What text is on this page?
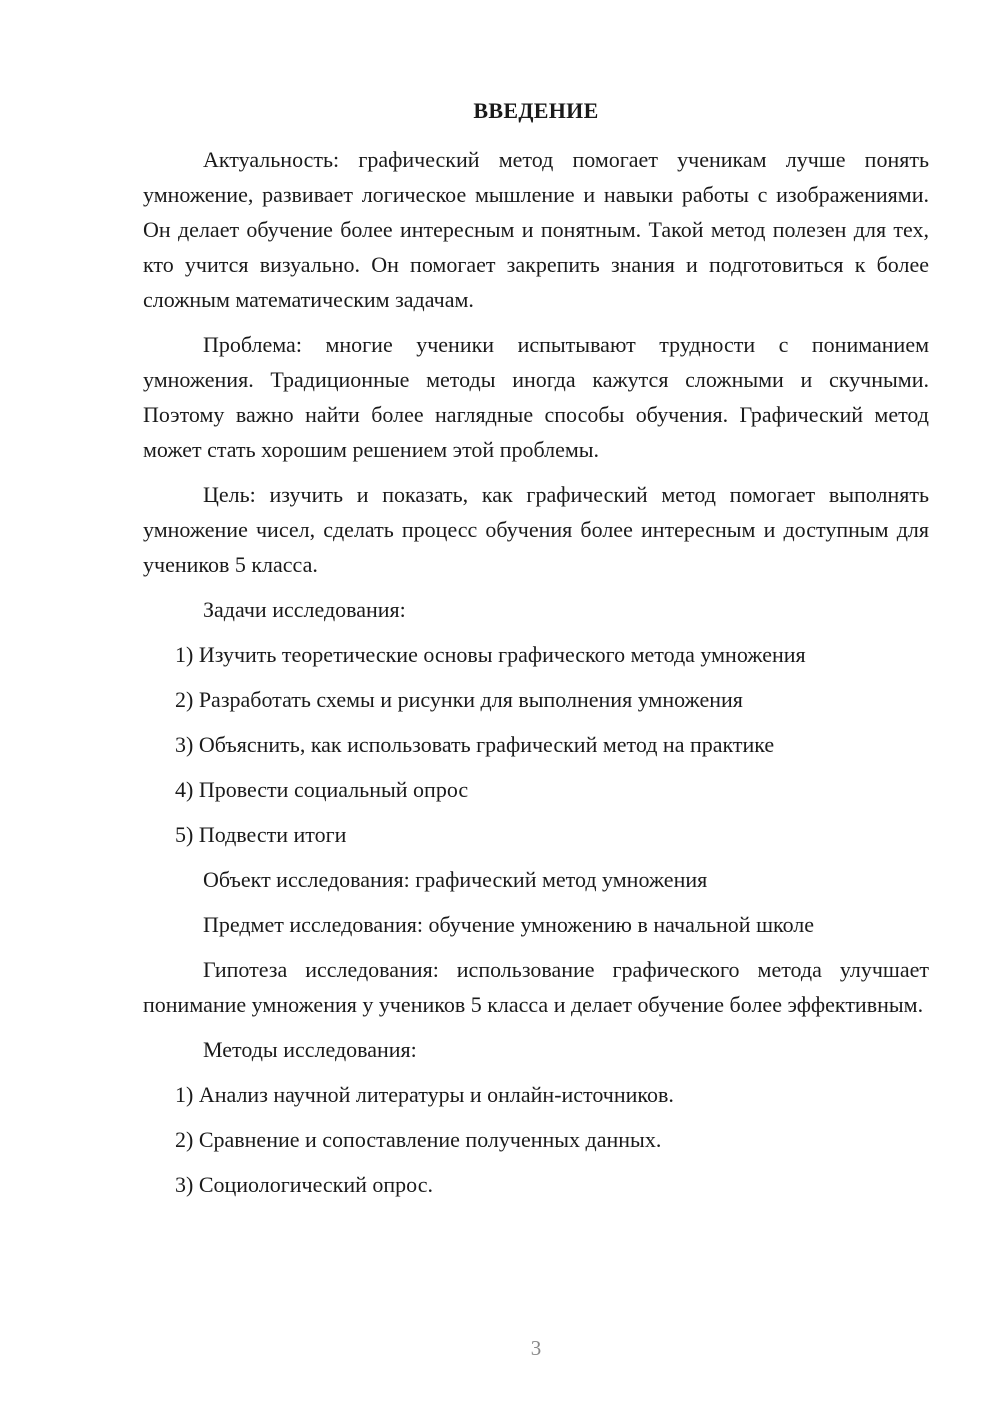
ВВЕДЕНИЕ

Актуальность: графический метод помогает ученикам лучше понять умножение, развивает логическое мышление и навыки работы с изображениями. Он делает обучение более интересным и понятным. Такой метод полезен для тех, кто учится визуально. Он помогает закрепить знания и подготовиться к более сложным математическим задачам.

Проблема: многие ученики испытывают трудности с пониманием умножения. Традиционные методы иногда кажутся сложными и скучными. Поэтому важно найти более наглядные способы обучения. Графический метод может стать хорошим решением этой проблемы.

Цель: изучить и показать, как графический метод помогает выполнять умножение чисел, сделать процесс обучения более интересным и доступным для учеников 5 класса.

Задачи исследования:
1) Изучить теоретические основы графического метода умножения
2) Разработать схемы и рисунки для выполнения умножения
3) Объяснить, как использовать графический метод на практике
4) Провести социальный опрос
5) Подвести итоги
Объект исследования: графический метод умножения
Предмет исследования: обучение умножению в начальной школе

Гипотеза исследования: использование графического метода улучшает понимание умножения у учеников 5 класса и делает обучение более эффективным.

Методы исследования:
1) Анализ научной литературы и онлайн-источников.
2) Сравнение и сопоставление полученных данных.
3) Социологический опрос.
3
